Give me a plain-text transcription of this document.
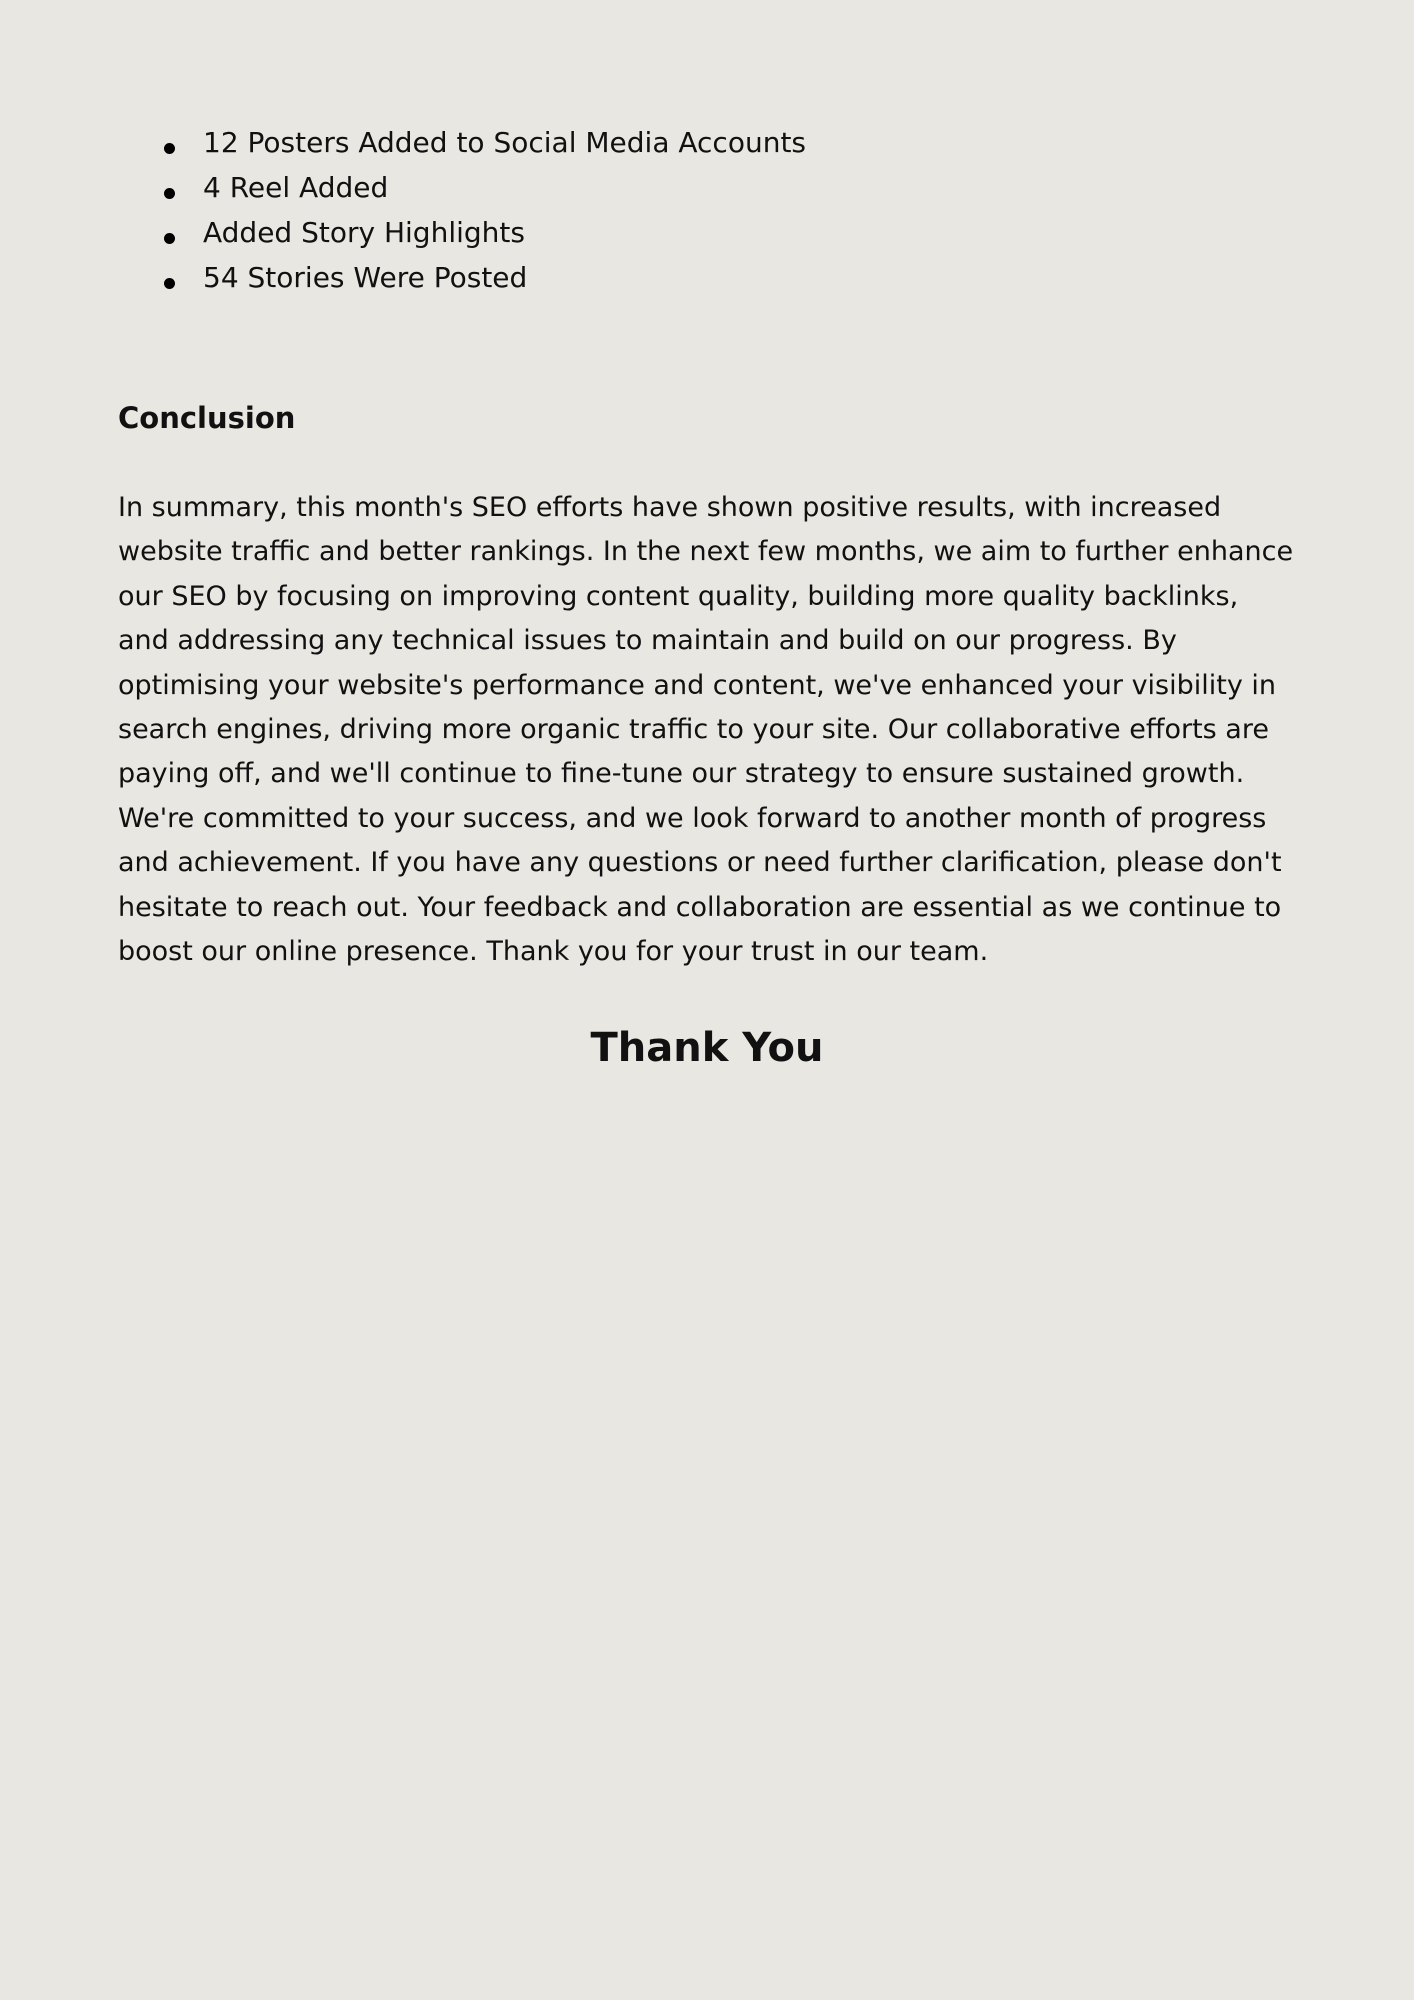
12 Posters Added to Social Media Accounts
4 Reel Added
Added Story Highlights
54 Stories Were Posted
Conclusion

In summary, this month's SEO efforts have shown positive results, with increased website traffic and better rankings. In the next few months, we aim to further enhance our SEO by focusing on improving content quality, building more quality backlinks, and addressing any technical issues to maintain and build on our progress. By optimising your website's performance and content, we've enhanced your visibility in search engines, driving more organic traffic to your site. Our collaborative efforts are paying off, and we'll continue to fine-tune our strategy to ensure sustained growth. We're committed to your success, and we look forward to another month of progress and achievement. If you have any questions or need further clarification, please don't hesitate to reach out. Your feedback and collaboration are essential as we continue to boost our online presence. Thank you for your trust in our team.

Thank You
